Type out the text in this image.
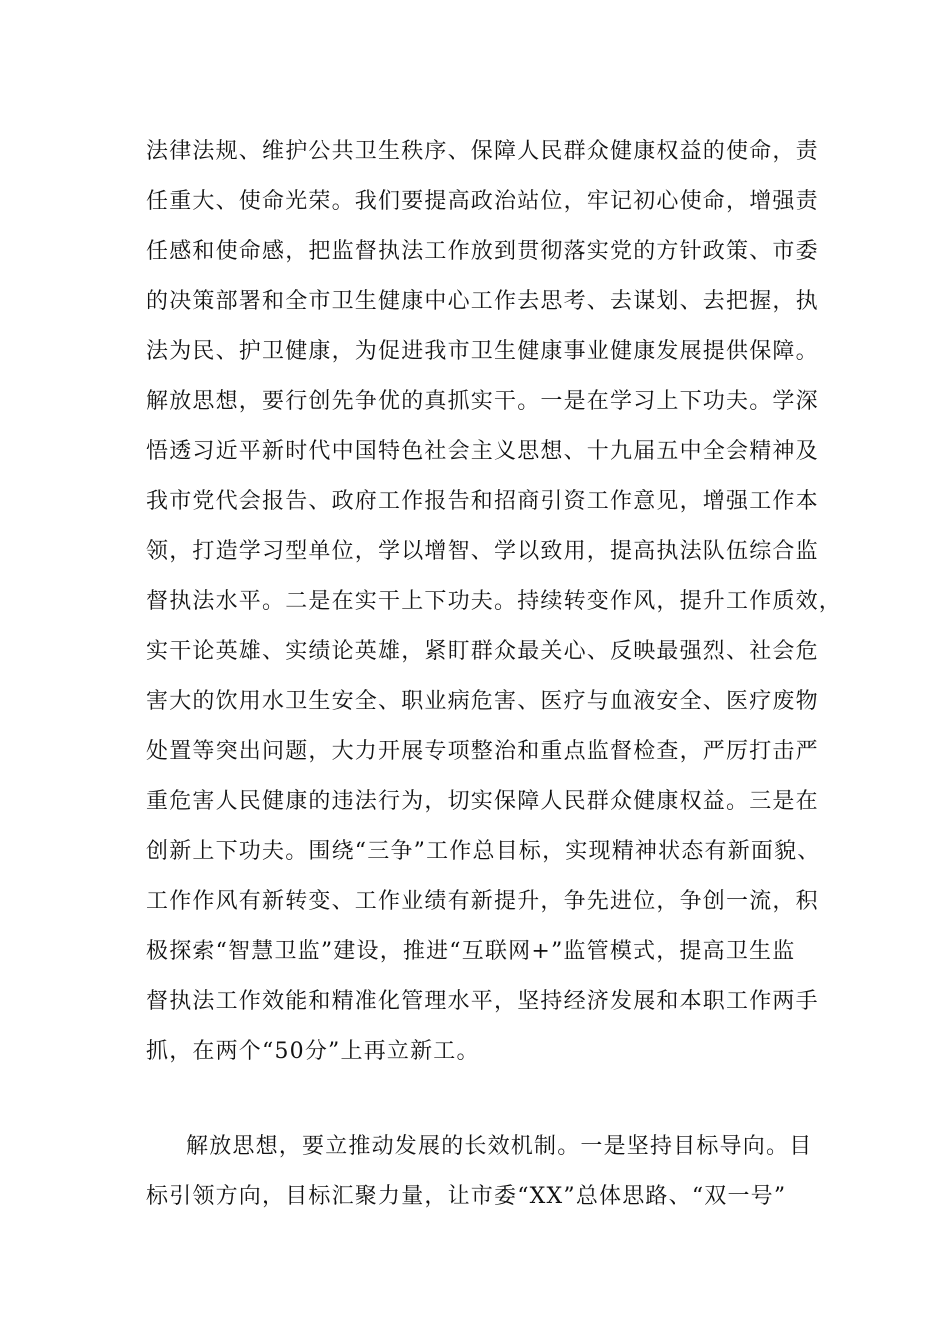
法律法规、维护公共卫生秩序、保障人民群众健康权益的使命，责
任重大、使命光荣。我们要提高政治站位，牢记初心使命，增强责
任感和使命感，把监督执法工作放到贯彻落实党的方针政策、市委
的决策部署和全市卫生健康中心工作去思考、去谋划、去把握，执
法为民、护卫健康，为促进我市卫生健康事业健康发展提供保障。
解放思想，要行创先争优的真抓实干。一是在学习上下功夫。学深
悟透习近平新时代中国特色社会主义思想、十九届五中全会精神及
我市党代会报告、政府工作报告和招商引资工作意见，增强工作本
领，打造学习型单位，学以增智、学以致用，提高执法队伍综合监
督执法水平。二是在实干上下功夫。持续转变作风，提升工作质效，
实干论英雄、实绩论英雄，紧盯群众最关心、反映最强烈、社会危
害大的饮用水卫生安全、职业病危害、医疗与血液安全、医疗废物
处置等突出问题，大力开展专项整治和重点监督检查，严厉打击严
重危害人民健康的违法行为，切实保障人民群众健康权益。三是在
创新上下功夫。围绕“三争”工作总目标，实现精神状态有新面貌、
工作作风有新转变、工作业绩有新提升，争先进位，争创一流，积
极探索“智慧卫监”建设，推进“互联网+”监管模式，提高卫生监
督执法工作效能和精准化管理水平，坚持经济发展和本职工作两手
抓，在两个“50分”上再立新工。
解放思想，要立推动发展的长效机制。一是坚持目标导向。目
标引领方向，目标汇聚力量，让市委“XX”总体思路、“双一号”
